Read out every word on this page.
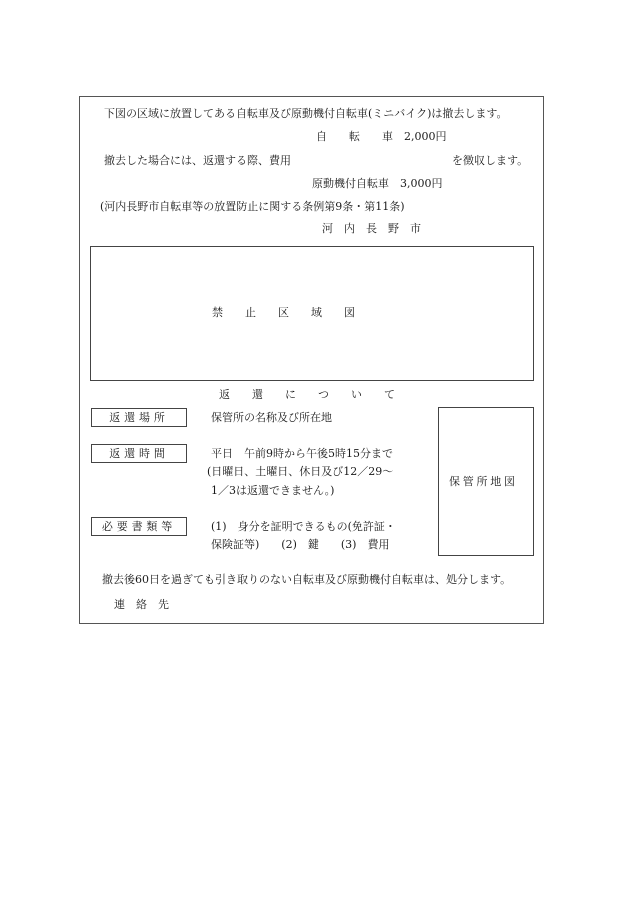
下図の区域に放置してある自転車及び原動機付自転車(ミニバイク)は撤去します。
自　　転　　車　2,000円
撤去した場合には、返還する際、費用	を徴収します。
原動機付自転車　3,000円
(河内長野市自転車等の放置防止に関する条例第9条・第11条)
河　内　長　野　市
禁　　止　　区　　域　　図
返　　還　　に　　つ　　い　　て
返還場所	保管所の名称及び所在地
返還時間	平日　午前9時から午後5時15分まで
(日曜日、土曜日、休日及び12／29～
1／3は返還できません。)
必要書類等	(1)　身分を証明できるもの(免許証・
保険証等)　　(2)　鍵　　(3)　費用
保管所地図
撤去後60日を過ぎても引き取りのない自転車及び原動機付自転車は、処分します。
連　絡　先
